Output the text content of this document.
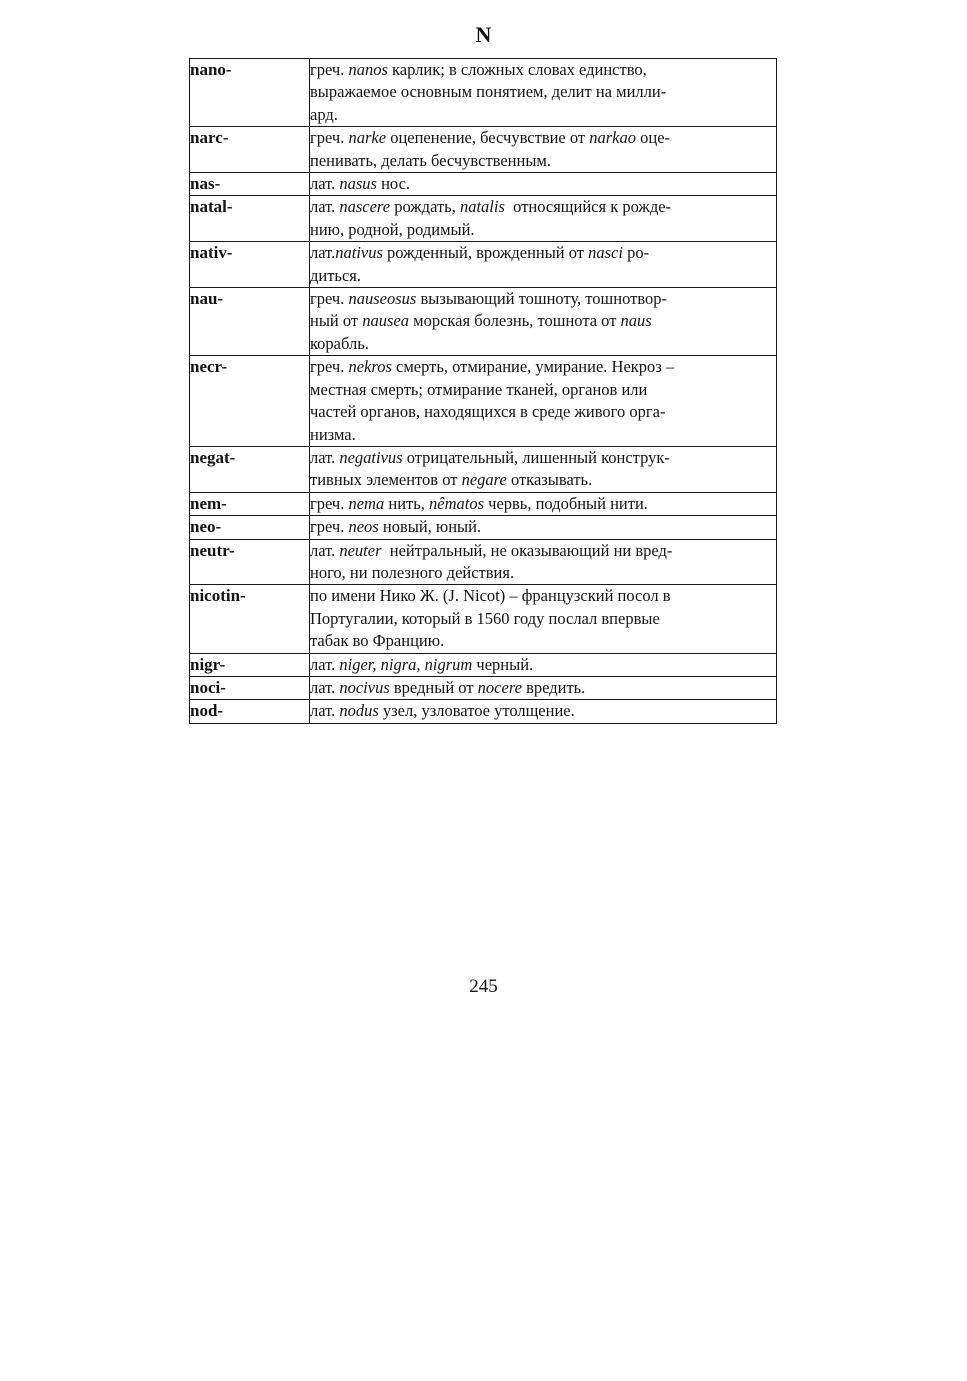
N
nano-	греч. nanos карлик; в сложных словах единство,
выражаемое основным понятием, делит на милли-
ард.

narc-	греч. narke оцепенение, бесчувствие от narkao оце-
пенивать, делать бесчувственным.

nas-	лат. nasus нос.

natal-	лат. nascere рождать, natalis  относящийся к рожде-
нию, родной, родимый.

nativ-	лат.nativus рожденный, врожденный от nasci ро-
диться.

nau-	греч. nauseosus вызывающий тошноту, тошнотвор-
ный от nausea морская болезнь, тошнота от naus
корабль.

necr-	греч. nekros смерть, отмирание, умирание. Некроз –
местная смерть; отмирание тканей, органов или
частей органов, находящихся в среде живого орга-
низма.

negat-	лат. negativus отрицательный, лишенный конструк-
тивных элементов от negare отказывать.

nem-	греч. nema нить, nêmatos червь, подобный нити.

neo-	греч. neos новый, юный.

neutr-	лат. neuter  нейтральный, не оказывающий ни вред-
ного, ни полезного действия.

nicotin-	по имени Нико Ж. (J. Nicot) – французский посол в
Португалии, который в 1560 году послал впервые
табак во Францию.

nigr-	лат. niger, nigra, nigrum черный.

noci-	лат. nocivus вредный от nocere вредить.

nod-	лат. nodus узел, узловатое утолщение.
245
